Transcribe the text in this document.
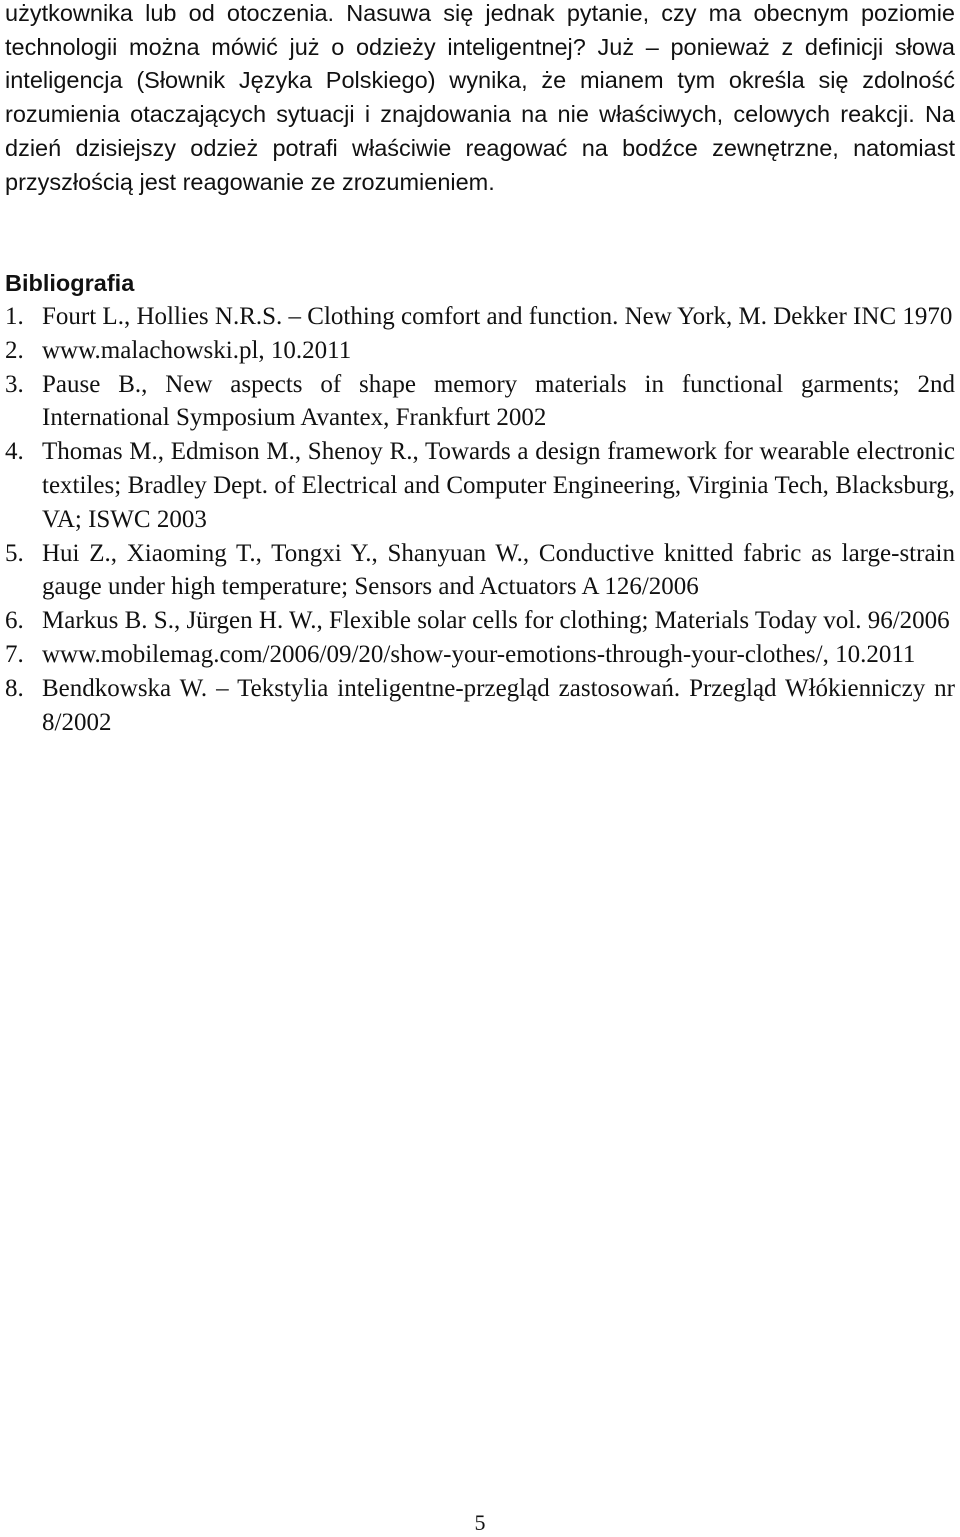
użytkownika lub od otoczenia. Nasuwa się jednak pytanie, czy ma obecnym poziomie technologii można mówić już o odzieży inteligentnej? Już – ponieważ z definicji słowa inteligencja (Słownik Języka Polskiego) wynika, że mianem tym określa się zdolność rozumienia otaczających sytuacji i znajdowania na nie właściwych, celowych reakcji. Na dzień dzisiejszy odzież potrafi właściwie reagować na bodźce zewnętrzne, natomiast przyszłością jest reagowanie ze zrozumieniem.

Bibliografia
1. Fourt L., Hollies N.R.S. – Clothing comfort and function. New York, M. Dekker INC 1970
2. www.malachowski.pl, 10.2011
3. Pause B., New aspects of shape memory materials in functional garments; 2nd International Symposium Avantex, Frankfurt 2002
4. Thomas M., Edmison M., Shenoy R., Towards a design framework for wearable electronic textiles; Bradley Dept. of Electrical and Computer Engineering, Virginia Tech, Blacksburg, VA; ISWC 2003
5. Hui Z., Xiaoming T., Tongxi Y., Shanyuan W., Conductive knitted fabric as large-strain gauge under high temperature; Sensors and Actuators A 126/2006
6. Markus B. S., Jürgen H. W., Flexible solar cells for clothing; Materials Today vol. 96/2006
7. www.mobilemag.com/2006/09/20/show-your-emotions-through-your-clothes/, 10.2011
8. Bendkowska W. – Tekstylia inteligentne-przegląd zastosowań. Przegląd Włókienniczy nr 8/2002
5
